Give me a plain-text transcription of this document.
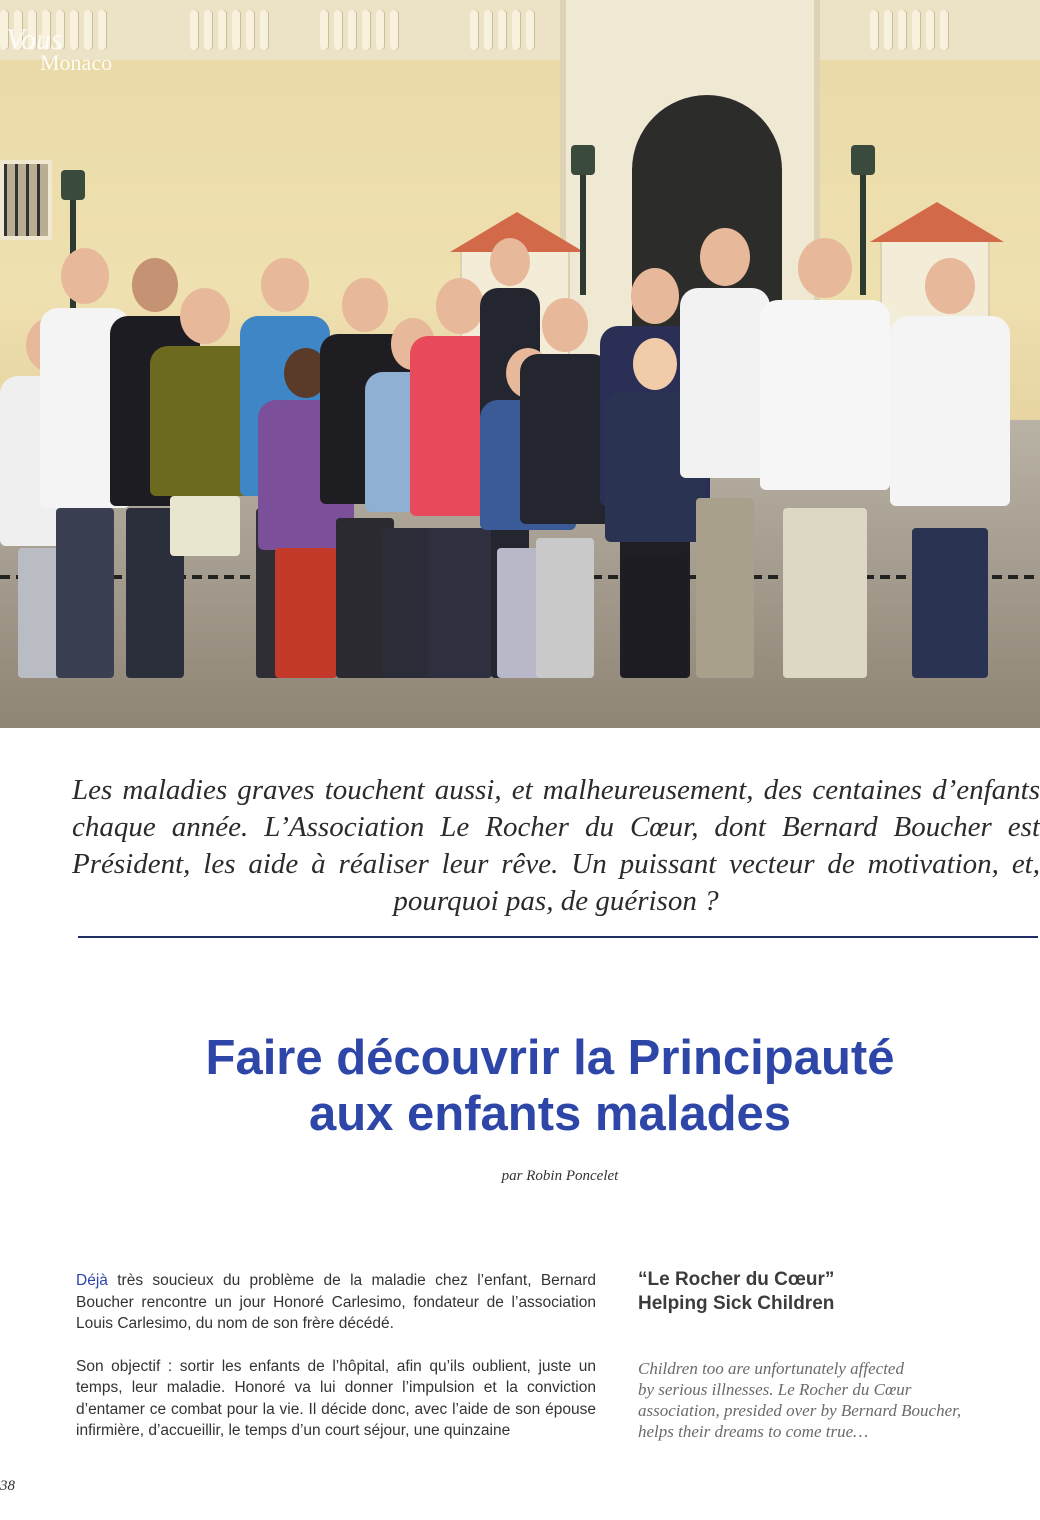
Vous
Monaco

Les maladies graves touchent aussi, et malheureusement, des centaines d’enfants chaque année. L’Association Le Rocher du Cœur, dont Bernard Boucher est Président, les aide à réaliser leur rêve. Un puissant vecteur de motivation, et, pourquoi pas, de guérison ?

Faire découvrir la Principauté
aux enfants malades

par Robin Poncelet

Déjà très soucieux du problème de la maladie chez l’enfant, Bernard Boucher rencontre un jour Honoré Carlesimo, fondateur de l’association Louis Carlesimo, du nom de son frère décédé.

Son objectif : sortir les enfants de l’hôpital, afin qu’ils oublient, juste un temps, leur maladie. Honoré va lui donner l’impulsion et la conviction d’entamer ce combat pour la vie. Il décide donc, avec l’aide de son épouse infirmière, d’accueillir, le temps d’un court séjour, une quinzaine

“Le Rocher du Cœur”
Helping Sick Children
Children too are unfortunately affected
by serious illnesses. Le Rocher du Cœur
association, presided over by Bernard Boucher,
helps their dreams to come true…
38
